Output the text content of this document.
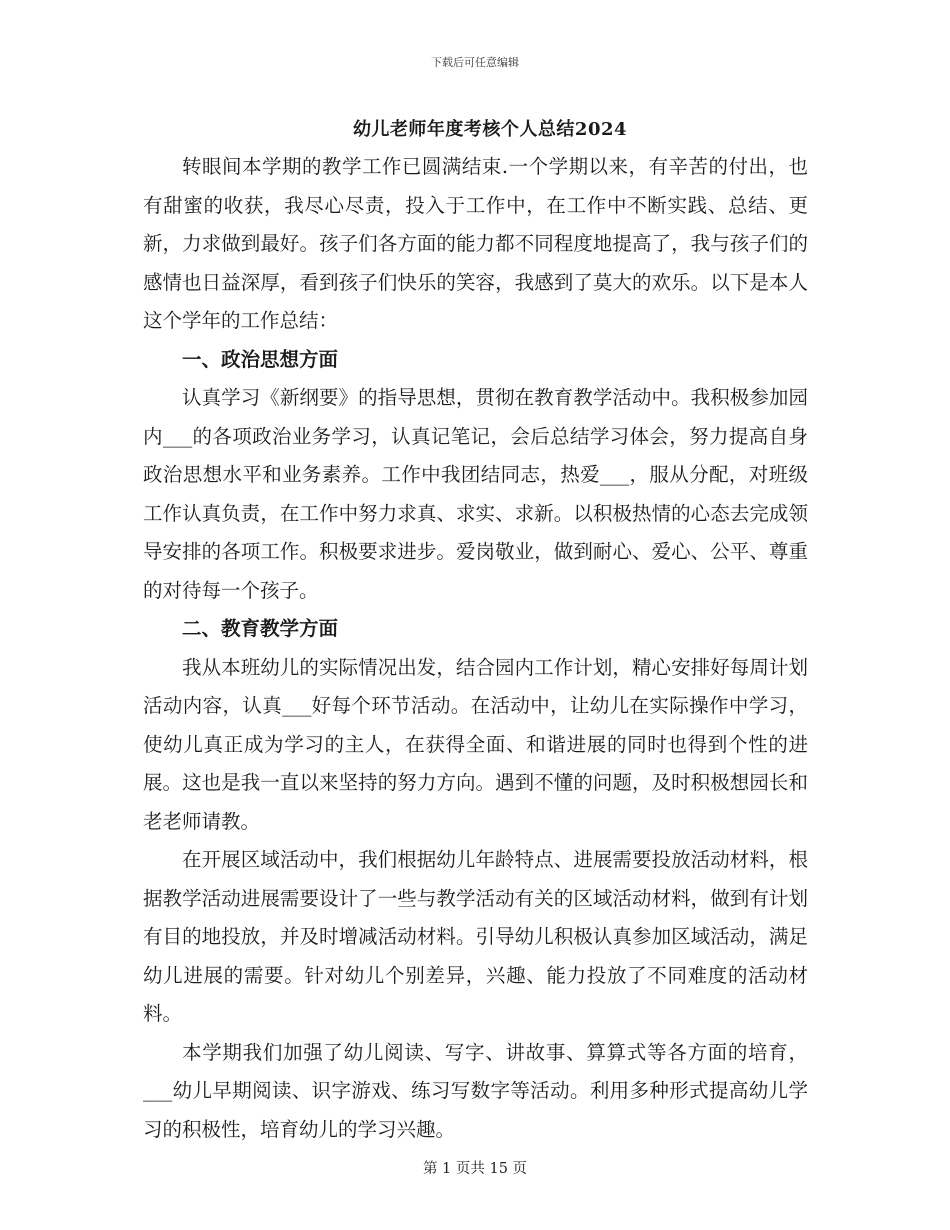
下载后可任意编辑
幼儿老师年度考核个人总结2024

转眼间本学期的教学工作已圆满结束.一个学期以来，有辛苦的付出，也有甜蜜的收获，我尽心尽责，投入于工作中，在工作中不断实践、总结、更新，力求做到最好。孩子们各方面的能力都不同程度地提高了，我与孩子们的感情也日益深厚，看到孩子们快乐的笑容，我感到了莫大的欢乐。以下是本人这个学年的工作总结：

一、政治思想方面

认真学习《新纲要》的指导思想，贯彻在教育教学活动中。我积极参加园内___的各项政治业务学习，认真记笔记，会后总结学习体会，努力提高自身政治思想水平和业务素养。工作中我团结同志，热爱___，服从分配，对班级工作认真负责，在工作中努力求真、求实、求新。以积极热情的心态去完成领导安排的各项工作。积极要求进步。爱岗敬业，做到耐心、爱心、公平、尊重的对待每一个孩子。

二、教育教学方面

我从本班幼儿的实际情况出发，结合园内工作计划，精心安排好每周计划活动内容，认真___好每个环节活动。在活动中，让幼儿在实际操作中学习，使幼儿真正成为学习的主人，在获得全面、和谐进展的同时也得到个性的进展。这也是我一直以来坚持的努力方向。遇到不懂的问题，及时积极想园长和老老师请教。

在开展区域活动中，我们根据幼儿年龄特点、进展需要投放活动材料，根据教学活动进展需要设计了一些与教学活动有关的区域活动材料，做到有计划有目的地投放，并及时增减活动材料。引导幼儿积极认真参加区域活动，满足幼儿进展的需要。针对幼儿个别差异，兴趣、能力投放了不同难度的活动材料。

本学期我们加强了幼儿阅读、写字、讲故事、算算式等各方面的培育，___幼儿早期阅读、识字游戏、练习写数字等活动。利用多种形式提高幼儿学习的积极性，培育幼儿的学习兴趣。

第 1 页共 15 页
